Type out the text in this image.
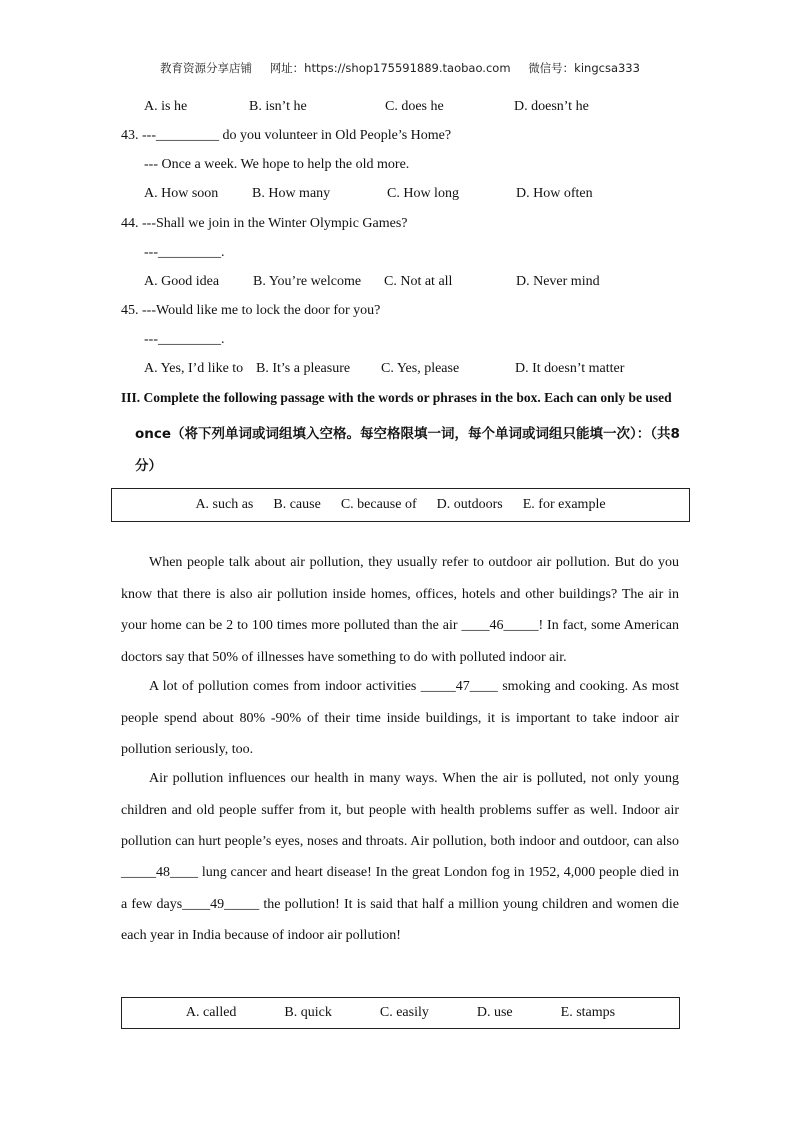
教育资源分享店铺 网址：https://shop175591889.taobao.com 微信号：kingcsa333
A. is he	B. isn’t he	C. does he	D. doesn’t he
43. ---_________ do you volunteer in Old People’s Home?
--- Once a week. We hope to help the old more.
A. How soon B. How many	C. How long	D. How often
44. ---Shall we join in the Winter Olympic Games?
---_________.
A. Good idea B. You’re welcome C. Not at all	D. Never mind
45. ---Would like me to lock the door for you?
---_________.
A. Yes, I’d like to B. It’s a pleasure C. Yes, please	D. It doesn’t matter
III. Complete the following passage with the words or phrases in the box. Each can only be used
once（将下列单词或词组填入空格。每空格限填一词，每个单词或词组只能填一次）：（共8
分）
A. such as B. cause C. because of D. outdoors E. for example
When people talk about air pollution, they usually refer to outdoor air pollution. But do you
know that there is also air pollution inside homes, offices, hotels and other buildings? The air in
your home can be 2 to 100 times more polluted than the air ____46_____! In fact, some American
doctors say that 50% of illnesses have something to do with polluted indoor air.
A lot of pollution comes from indoor activities _____47____ smoking and cooking. As most
people spend about 80% -90% of their time inside buildings, it is important to take indoor air
pollution seriously, too.
Air pollution influences our health in many ways. When the air is polluted, not only young
children and old people suffer from it, but people with health problems suffer as well. Indoor air
pollution can hurt people’s eyes, noses and throats. Air pollution, both indoor and outdoor, can also
_____48____ lung cancer and heart disease! In the great London fog in 1952, 4,000 people died in
a few days____49_____ the pollution! It is said that half a million young children and women die
each year in India because of indoor air pollution!
A. called	B. quick	C. easily	D. use	E. stamps
